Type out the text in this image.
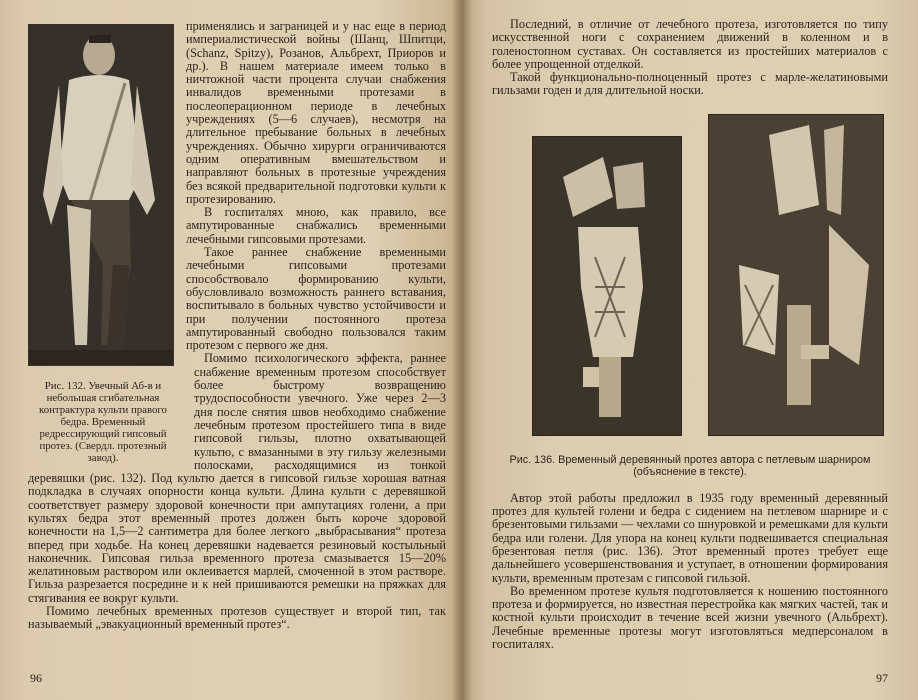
Рис. 132. Увечный Аб-в и небольшая сгибательная контрактура культи правого бедра. Временный редрессирующий гипсовый протез. (Свердл. протезный завод).

применялись и заграницей и у нас еще в период империалистической войны (Шанц, Шпитци, (Schanz, Spitzy), Розанов, Альбрехт, Приоров и др.). В нашем материале имеем только в ничтожной части процента случаи снабжения инвалидов временными протезами в послеоперационном периоде в лечебных учреждениях (5—6 случаев), несмотря на длительное пребывание больных в лечебных учреждениях. Обычно хирурги ограничиваются одним оперативным вмешательством и направляют больных в протезные учреждения без всякой предварительной подготовки культи к протезированию.

В госпиталях мною, как правило, все ампутированные снабжались временными лечебными гипсовыми протезами.

Такое раннее снабжение временными лечебными гипсовыми протезами способствовало формированию культи, обусловливало возможность раннего вставания, воспитывало в больных чувство устойчивости и при получении постоянного протеза ампутированный свободно пользовался таким протезом с первого же дня.

Помимо психологического эффекта, раннее снабжение временным протезом способствует более быстрому возвращению трудоспособности увечного. Уже через 2—3 дня после снятия швов необходимо снабжение лечебным протезом простейшего типа в виде гипсовой гильзы, плотно охватывающей культю, с вмазанными в эту гильзу железными полосками, расходящимися из тонкой деревяшки (рис. 132). Под культю дается в гипсовой гильзе хорошая ватная подкладка в случаях опорности конца культи. Длина культи с деревяшкой соответствует размеру здоровой конечности при ампутациях голени, а при культях бедра этот временный протез должен быть короче здоровой конечности на 1,5—2 сантиметра для более легкого „выбрасывания“ протеза вперед при ходьбе. На конец деревяшки надевается резиновый костыльный наконечник. Гипсовая гильза временного протеза смазывается 15—20% желатиновым раствором или оклеивается марлей, смоченной в этом растворе. Гильза разрезается посредине и к ней пришиваются ремешки на пряжках для стягивания ее вокруг культи.

Помимо лечебных временных протезов существует и второй тип, так называемый „эвакуационный временный протез“.

96

Последний, в отличие от лечебного протеза, изготовляется по типу искусственной ноги с сохранением движений в коленном и в голеностопном суставах. Он составляется из простейших материалов с более упрощенной отделкой.

Такой функционально-полноценный протез с марле-желатиновыми гильзами годен и для длительной носки.

Рис. 136. Временный деревянный протез автора с петлевым шарниром (объяснение в тексте).

Автор этой работы предложил в 1935 году временный деревянный протез для культей голени и бедра с сидением на петлевом шарнире и с брезентовыми гильзами — чехлами со шнуровкой и ремешками для культи бедра или голени. Для упора на конец культи подвешивается специальная брезентовая петля (рис. 136). Этот временный протез требует еще дальнейшего усовершенствования и уступает, в отношении формирования культи, временным протезам с гипсовой гильзой.

Во временном протезе культя подготовляется к ношению постоянного протеза и формируется, но известная перестройка как мягких частей, так и костной культи происходит в течение всей жизни увечного (Альбрехт). Лечебные временные протезы могут изготовляться медперсоналом в госпиталях.

97
